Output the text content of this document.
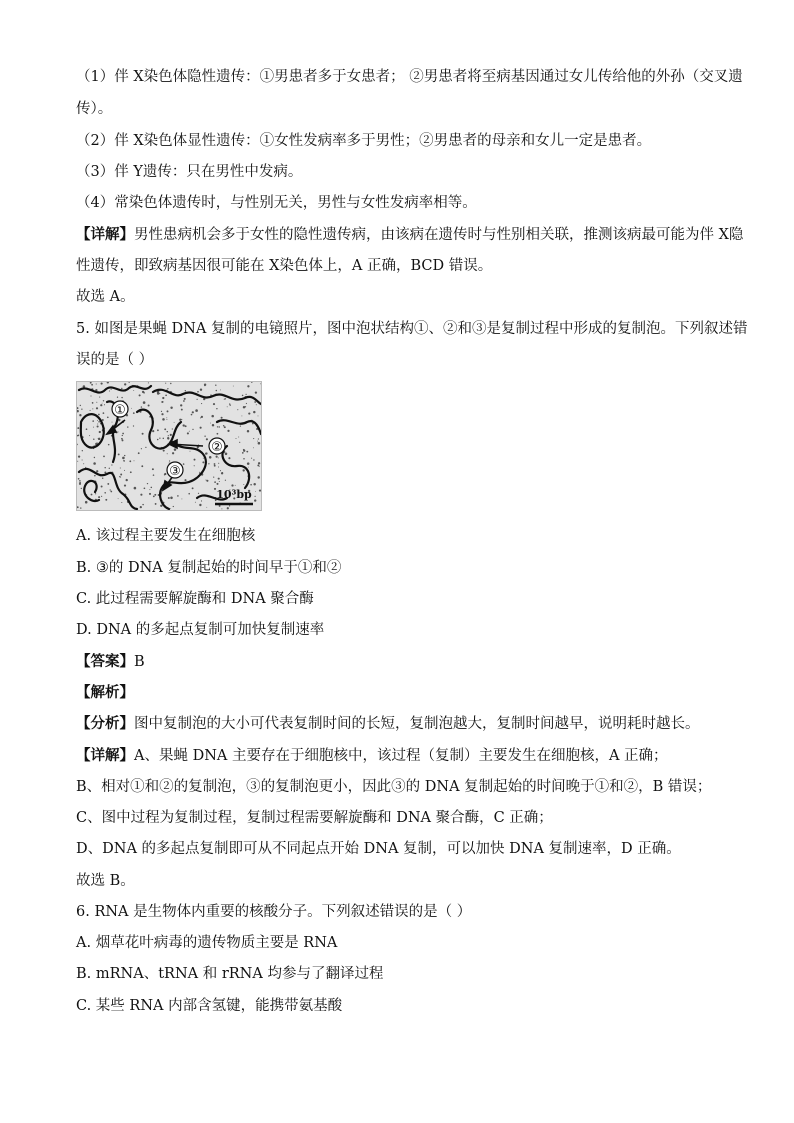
（1）伴 X染色体隐性遗传：①男患者多于女患者； ②男患者将至病基因通过女儿传给他的外孙（交叉遗
传）。
（2）伴 X染色体显性遗传：①女性发病率多于男性；②男患者的母亲和女儿一定是患者。
（3）伴 Y遗传：只在男性中发病。
（4）常染色体遗传时，与性别无关，男性与女性发病率相等。
【详解】男性患病机会多于女性的隐性遗传病，由该病在遗传时与性别相关联，推测该病最可能为伴 X隐
性遗传，即致病基因很可能在 X染色体上，A 正确，BCD 错误。
故选 A。
5. 如图是果蝇 DNA 复制的电镜照片，图中泡状结构①、②和③是复制过程中形成的复制泡。下列叙述错
误的是（ ）
①
②
③
10³bp
A. 该过程主要发生在细胞核
B. ③的 DNA 复制起始的时间早于①和②
C. 此过程需要解旋酶和 DNA 聚合酶
D. DNA 的多起点复制可加快复制速率
【答案】B
【解析】
【分析】图中复制泡的大小可代表复制时间的长短，复制泡越大，复制时间越早，说明耗时越长。
【详解】A、果蝇 DNA 主要存在于细胞核中，该过程（复制）主要发生在细胞核，A 正确；
B、相对①和②的复制泡，③的复制泡更小，因此③的 DNA 复制起始的时间晚于①和②，B 错误；
C、图中过程为复制过程，复制过程需要解旋酶和 DNA 聚合酶，C 正确；
D、DNA 的多起点复制即可从不同起点开始 DNA 复制，可以加快 DNA 复制速率，D 正确。
故选 B。
6. RNA 是生物体内重要的核酸分子。下列叙述错误的是（ ）
A. 烟草花叶病毒的遗传物质主要是 RNA
B. mRNA、tRNA 和 rRNA 均参与了翻译过程
C. 某些 RNA 内部含氢键，能携带氨基酸
